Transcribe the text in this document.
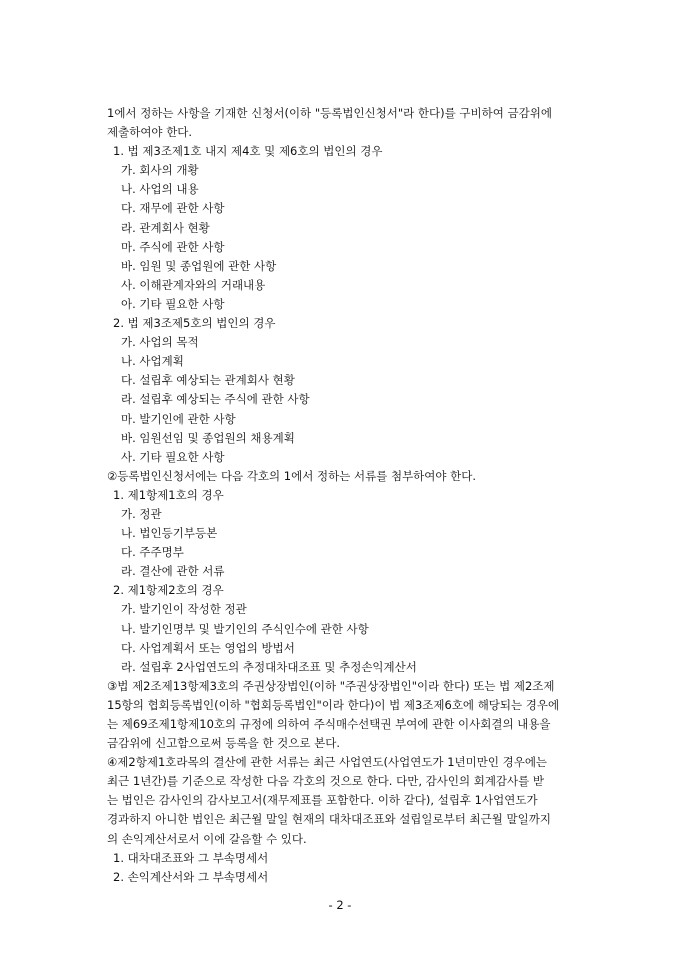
1에서 정하는 사항을 기재한 신청서(이하 "등록법인신청서"라 한다)를 구비하여 금감위에
제출하여야 한다.
1. 법 제3조제1호 내지 제4호 및 제6호의 법인의 경우
가. 회사의 개황
나. 사업의 내용
다. 재무에 관한 사항
라. 관계회사 현황
마. 주식에 관한 사항
바. 임원 및 종업원에 관한 사항
사. 이해관계자와의 거래내용
아. 기타 필요한 사항
2. 법 제3조제5호의 법인의 경우
가. 사업의 목적
나. 사업계획
다. 설립후 예상되는 관계회사 현황
라. 설립후 예상되는 주식에 관한 사항
마. 발기인에 관한 사항
바. 임원선임 및 종업원의 채용계획
사. 기타 필요한 사항
②등록법인신청서에는 다음 각호의 1에서 정하는 서류를 첨부하여야 한다.
1. 제1항제1호의 경우
가. 정관
나. 법인등기부등본
다. 주주명부
라. 결산에 관한 서류
2. 제1항제2호의 경우
가. 발기인이 작성한 정관
나. 발기인명부 및 발기인의 주식인수에 관한 사항
다. 사업계획서 또는 영업의 방법서
라. 설립후 2사업연도의 추정대차대조표 및 추정손익계산서
③법 제2조제13항제3호의 주권상장법인(이하 "주권상장법인"이라 한다) 또는 법 제2조제
15항의 협회등록법인(이하 "협회등록법인"이라 한다)이 법 제3조제6호에 해당되는 경우에
는 제69조제1항제10호의 규정에 의하여 주식매수선택권 부여에 관한 이사회결의 내용을
금감위에 신고함으로써 등록을 한 것으로 본다.
④제2항제1호라목의 결산에 관한 서류는 최근 사업연도(사업연도가 1년미만인 경우에는
최근 1년간)를 기준으로 작성한 다음 각호의 것으로 한다. 다만, 감사인의 회계감사를 받
는 법인은 감사인의 감사보고서(재무제표를 포함한다. 이하 같다), 설립후 1사업연도가
경과하지 아니한 법인은 최근월 말일 현재의 대차대조표와 설립일로부터 최근월 말일까지
의 손익계산서로서 이에 갈음할 수 있다.
1. 대차대조표와 그 부속명세서
2. 손익계산서와 그 부속명세서
- 2 -
